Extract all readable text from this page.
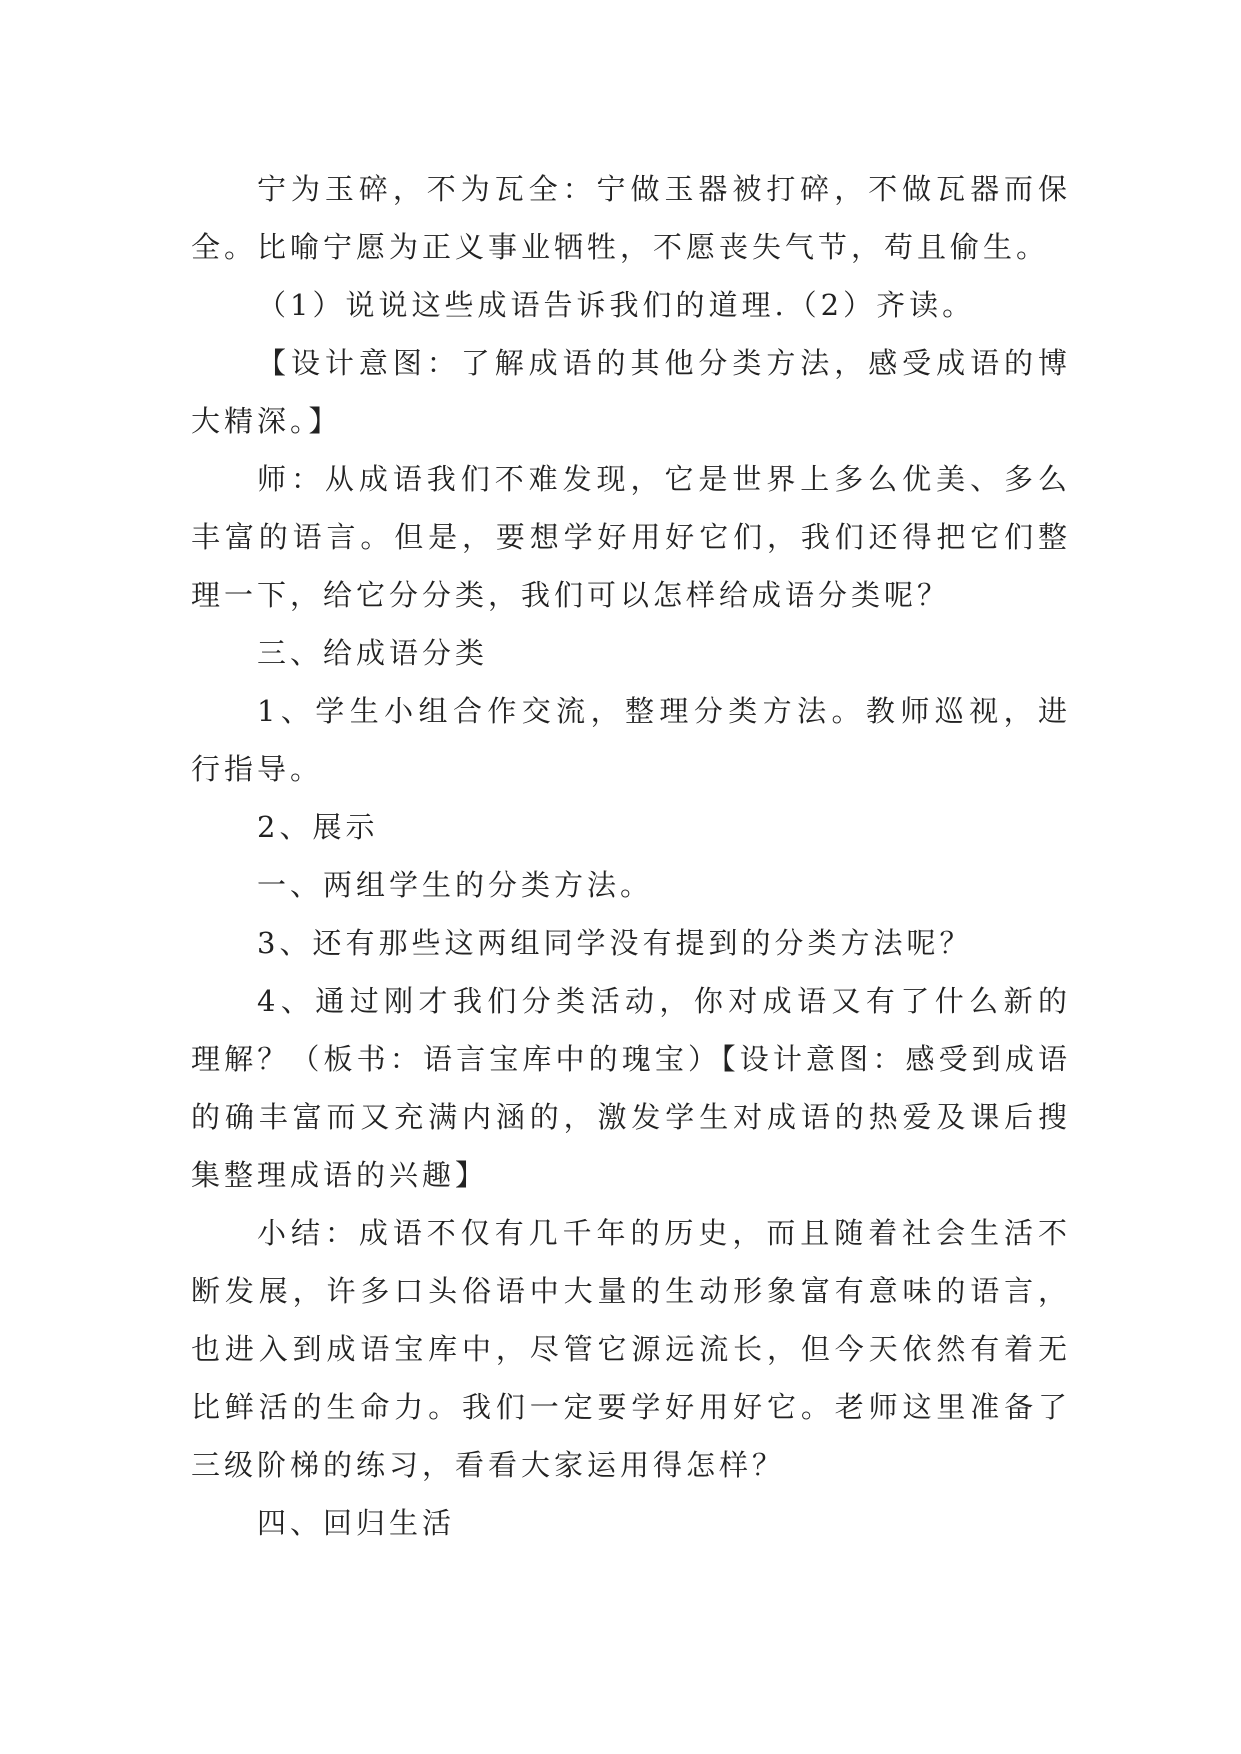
宁为玉碎，不为瓦全：宁做玉器被打碎，不做瓦器而保全。比喻宁愿为正义事业牺牲，不愿丧失气节，苟且偷生。

（1）说说这些成语告诉我们的道理.（2）齐读。

【设计意图：了解成语的其他分类方法，感受成语的博大精深。】

师：从成语我们不难发现，它是世界上多么优美、多么丰富的语言。但是，要想学好用好它们，我们还得把它们整理一下，给它分分类，我们可以怎样给成语分类呢？

三、给成语分类

1、学生小组合作交流，整理分类方法。教师巡视，进行指导。

2、展示

一、两组学生的分类方法。

3、还有那些这两组同学没有提到的分类方法呢？

4、通过刚才我们分类活动，你对成语又有了什么新的理解？（板书：语言宝库中的瑰宝）【设计意图：感受到成语的确丰富而又充满内涵的，激发学生对成语的热爱及课后搜集整理成语的兴趣】

小结：成语不仅有几千年的历史，而且随着社会生活不断发展，许多口头俗语中大量的生动形象富有意味的语言，也进入到成语宝库中，尽管它源远流长，但今天依然有着无比鲜活的生命力。我们一定要学好用好它。老师这里准备了三级阶梯的练习，看看大家运用得怎样？

四、回归生活
